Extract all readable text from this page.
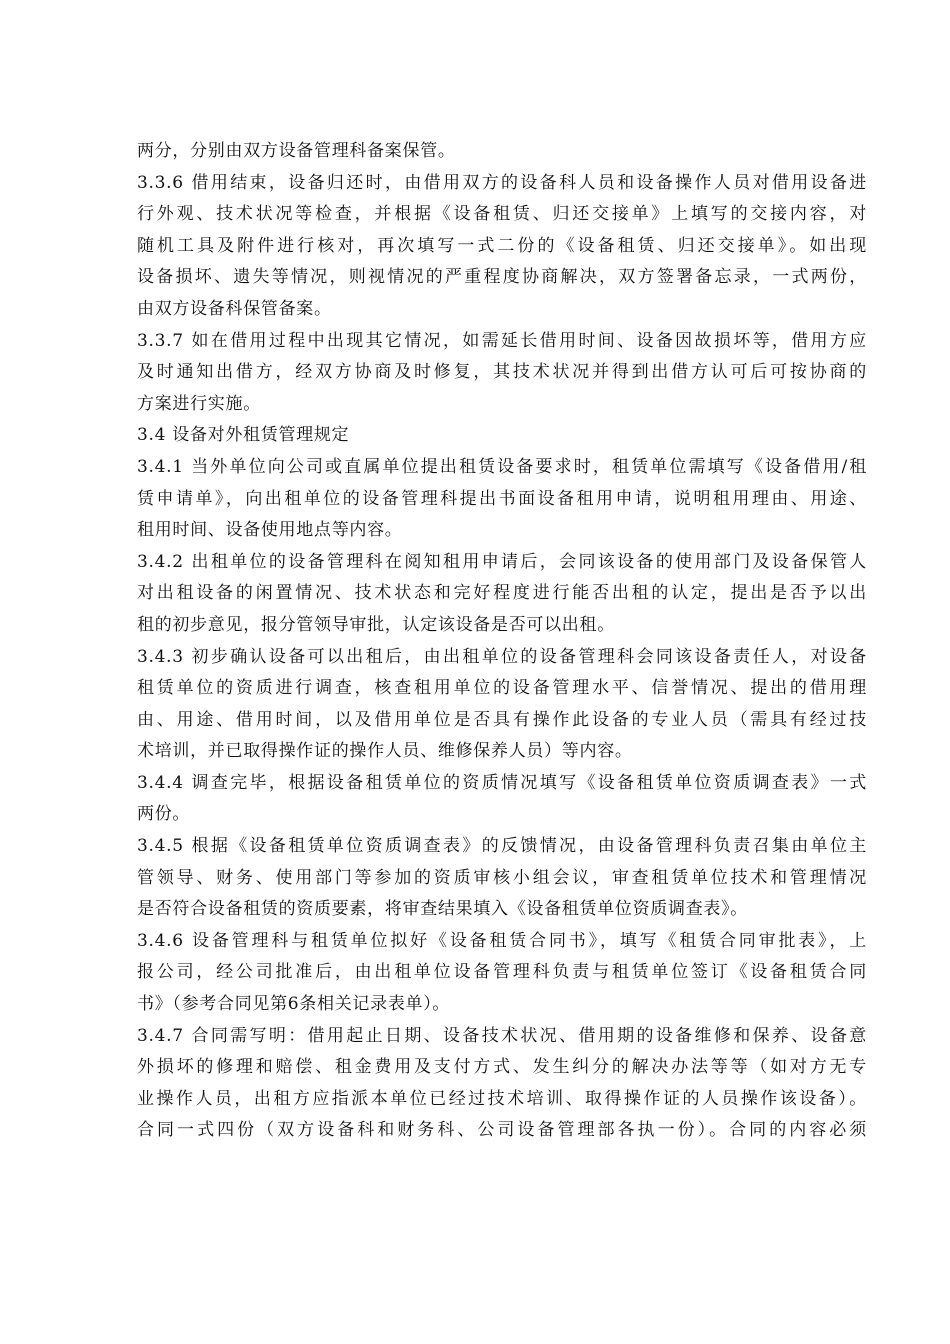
两分，分别由双方设备管理科备案保管。
3.3.6 借用结束，设备归还时，由借用双方的设备科人员和设备操作人员对借用设备进
行外观、技术状况等检查，并根据《设备租赁、归还交接单》上填写的交接内容，对
随机工具及附件进行核对，再次填写一式二份的《设备租赁、归还交接单》。如出现
设备损坏、遗失等情况，则视情况的严重程度协商解决，双方签署备忘录，一式两份，
由双方设备科保管备案。
3.3.7 如在借用过程中出现其它情况，如需延长借用时间、设备因故损坏等，借用方应
及时通知出借方，经双方协商及时修复，其技术状况并得到出借方认可后可按协商的
方案进行实施。
3.4 设备对外租赁管理规定
3.4.1 当外单位向公司或直属单位提出租赁设备要求时，租赁单位需填写《设备借用/租
赁申请单》，向出租单位的设备管理科提出书面设备租用申请，说明租用理由、用途、
租用时间、设备使用地点等内容。
3.4.2 出租单位的设备管理科在阅知租用申请后，会同该设备的使用部门及设备保管人
对出租设备的闲置情况、技术状态和完好程度进行能否出租的认定，提出是否予以出
租的初步意见，报分管领导审批，认定该设备是否可以出租。
3.4.3 初步确认设备可以出租后，由出租单位的设备管理科会同该设备责任人，对设备
租赁单位的资质进行调查，核查租用单位的设备管理水平、信誉情况、提出的借用理
由、用途、借用时间，以及借用单位是否具有操作此设备的专业人员（需具有经过技
术培训，并已取得操作证的操作人员、维修保养人员）等内容。
3.4.4 调查完毕，根据设备租赁单位的资质情况填写《设备租赁单位资质调查表》一式
两份。
3.4.5 根据《设备租赁单位资质调查表》的反馈情况，由设备管理科负责召集由单位主
管领导、财务、使用部门等参加的资质审核小组会议，审查租赁单位技术和管理情况
是否符合设备租赁的资质要素，将审查结果填入《设备租赁单位资质调查表》。
3.4.6 设备管理科与租赁单位拟好《设备租赁合同书》，填写《租赁合同审批表》，上
报公司，经公司批准后，由出租单位设备管理科负责与租赁单位签订《设备租赁合同
书》（参考合同见第6条相关记录表单）。
3.4.7 合同需写明：借用起止日期、设备技术状况、借用期的设备维修和保养、设备意
外损坏的修理和赔偿、租金费用及支付方式、发生纠分的解决办法等等（如对方无专
业操作人员，出租方应指派本单位已经过技术培训、取得操作证的人员操作该设备）。
合同一式四份（双方设备科和财务科、公司设备管理部各执一份）。合同的内容必须
